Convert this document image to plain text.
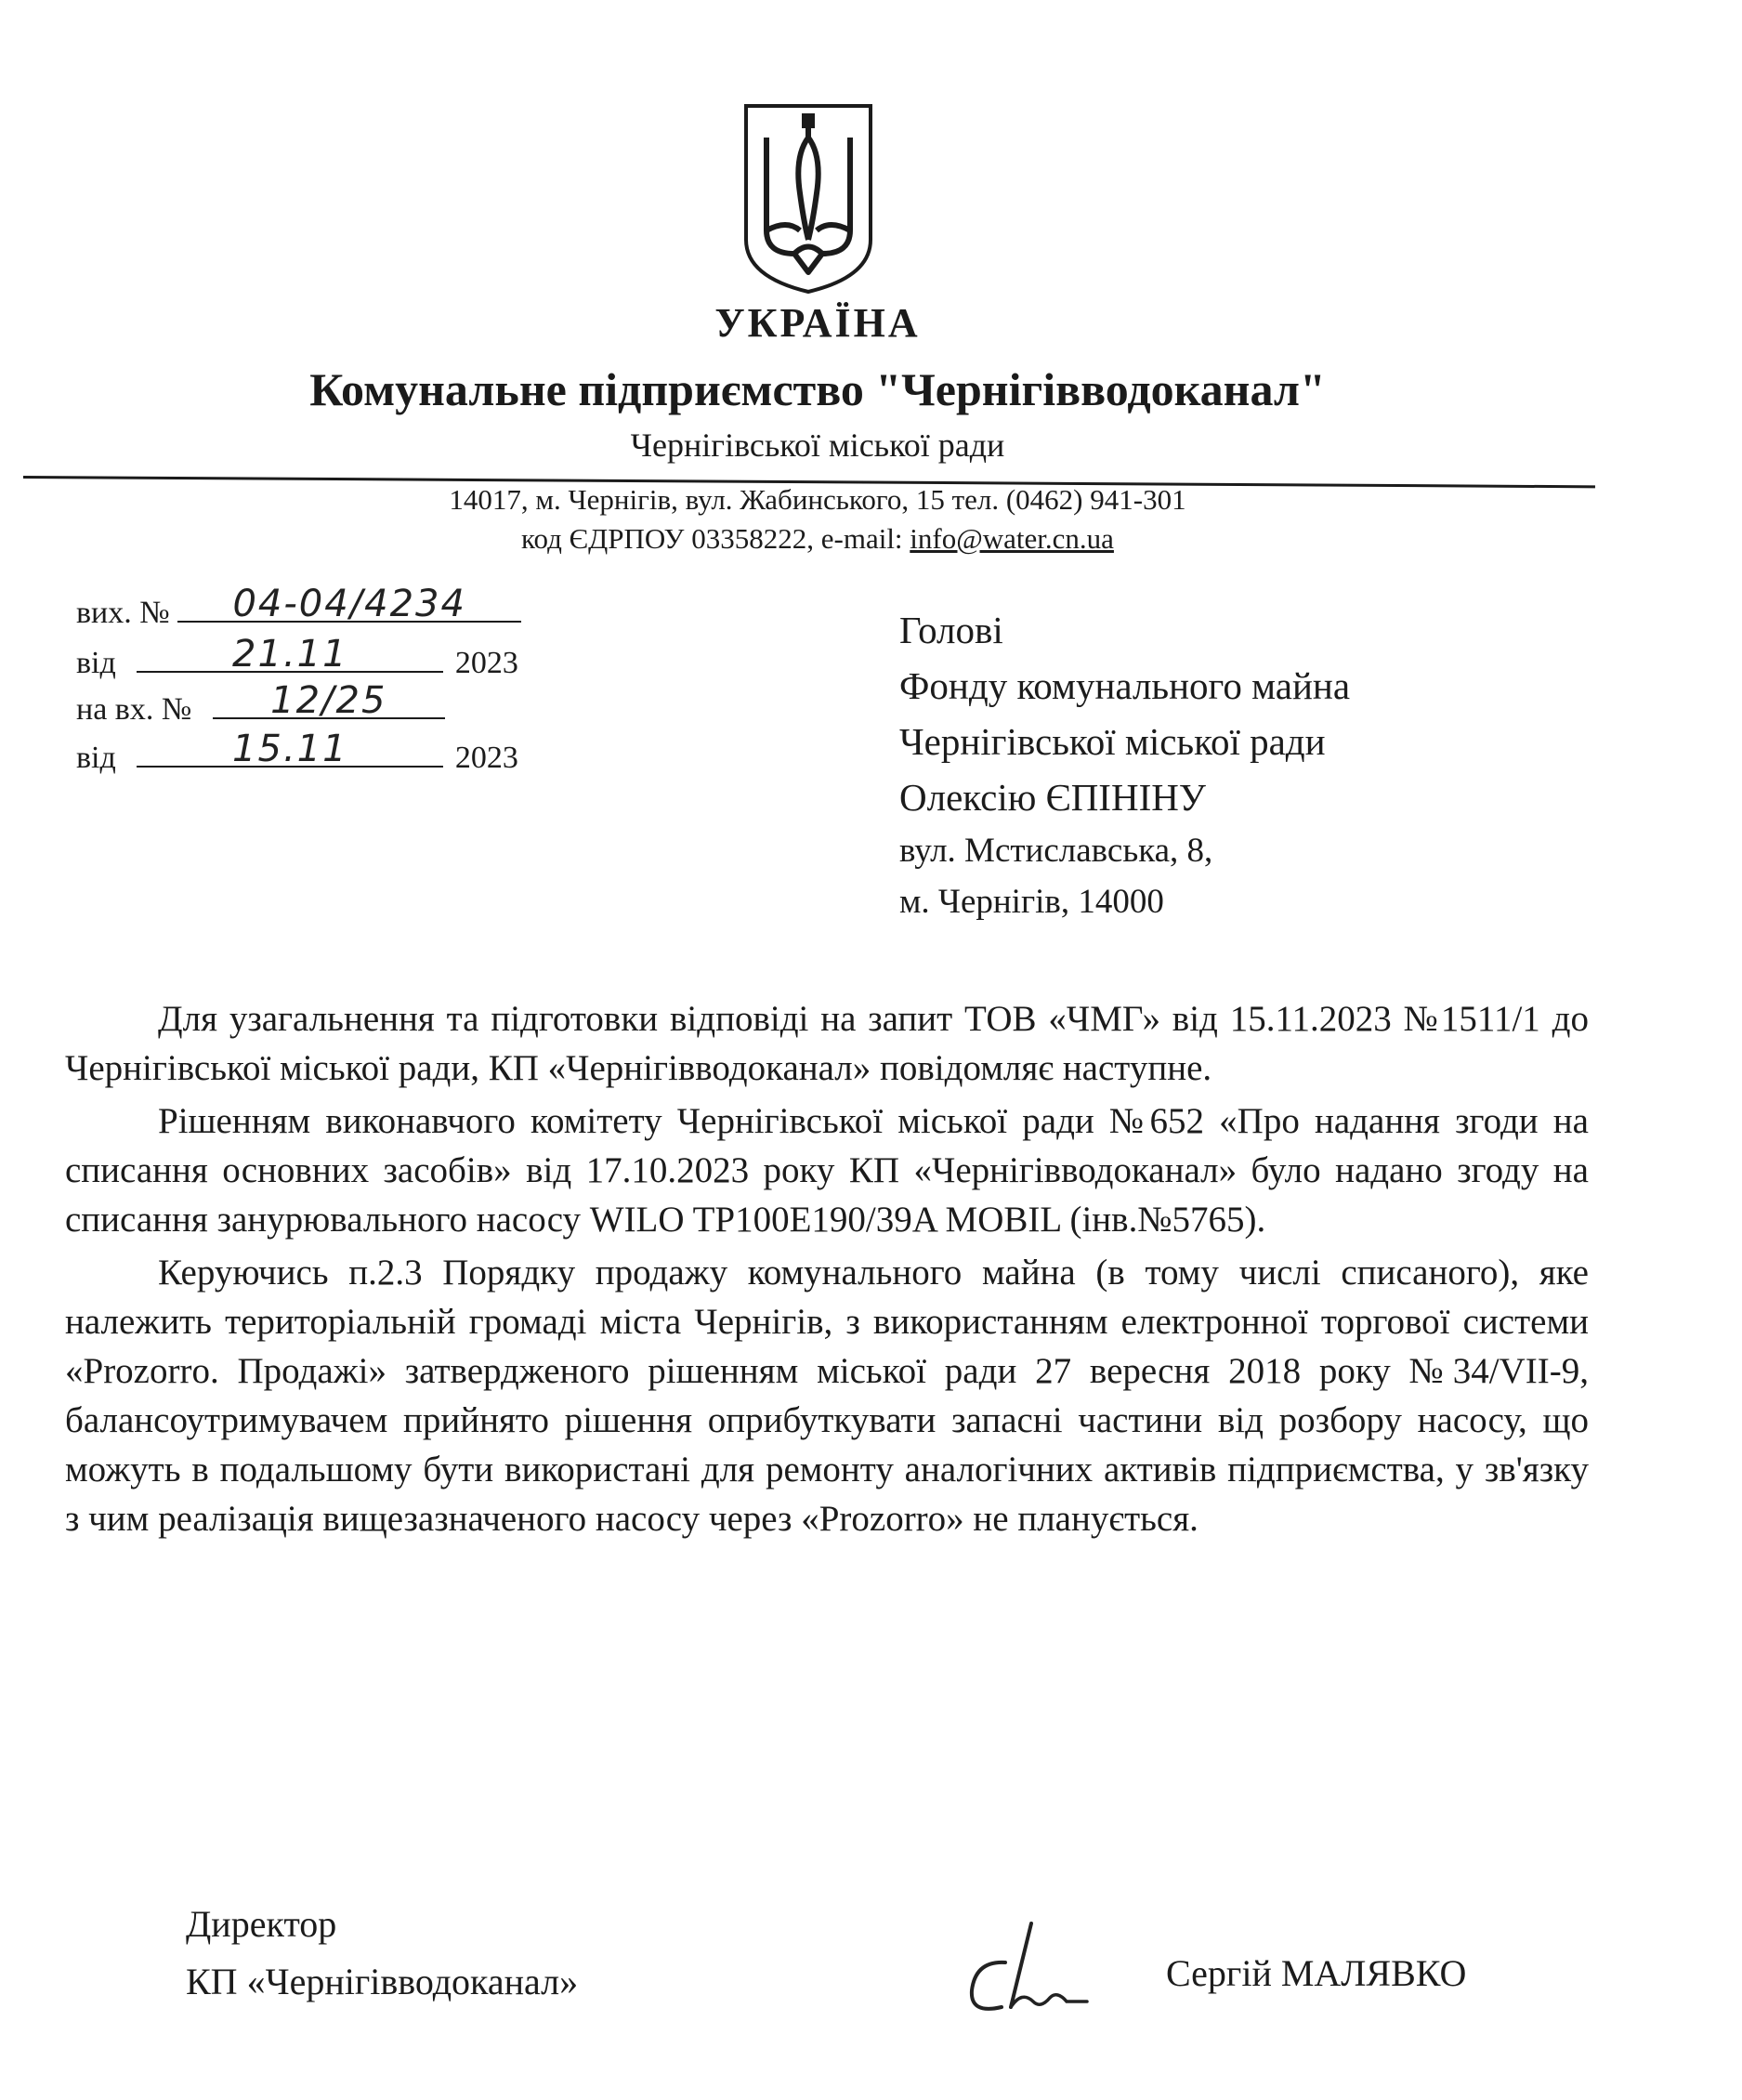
УКРАЇНА
Комунальне підприємство "Чернігівводоканал"
Чернігівської міської ради
14017, м. Чернігів, вул. Жабинського, 15 тел. (0462) 941-301
код ЄДРПОУ 03358222, e-mail: info@water.cn.ua
вих. №	04-04/4234
від	21.11	2023
на вх. №	12/25
від	15.11	2023
Голові
Фонду комунального майна
Чернігівської міської ради
Олексію ЄПІНІНУ
вул. Мстиславська, 8,
м. Чернігів, 14000

Для узагальнення та підготовки відповіді на запит ТОВ «ЧМГ» від 15.11.2023 №1511/1 до Чернігівської міської ради, КП «Чернігівводоканал» повідомляє наступне.

Рішенням виконавчого комітету Чернігівської міської ради №652 «Про надання згоди на списання основних засобів» від 17.10.2023 року КП «Чернігівводоканал» було надано згоду на списання занурювального насосу WILO TP100E190/39A MOBIL (інв.№5765).

Керуючись п.2.3 Порядку продажу комунального майна (в тому числі списаного), яке належить територіальній громаді міста Чернігів, з використанням електронної торгової системи «Prozorro. Продажі» затвердженого рішенням міської ради 27 вересня 2018 року №34/VII-9, балансоутримувачем прийнято рішення оприбуткувати запасні частини від розбору насосу, що можуть в подальшому бути використані для ремонту аналогічних активів підприємства, у зв'язку з чим реалізація вищезазначеного насосу через «Prozorro» не планується.

Директор
КП «Чернігівводоканал»	Сергій МАЛЯВКО
